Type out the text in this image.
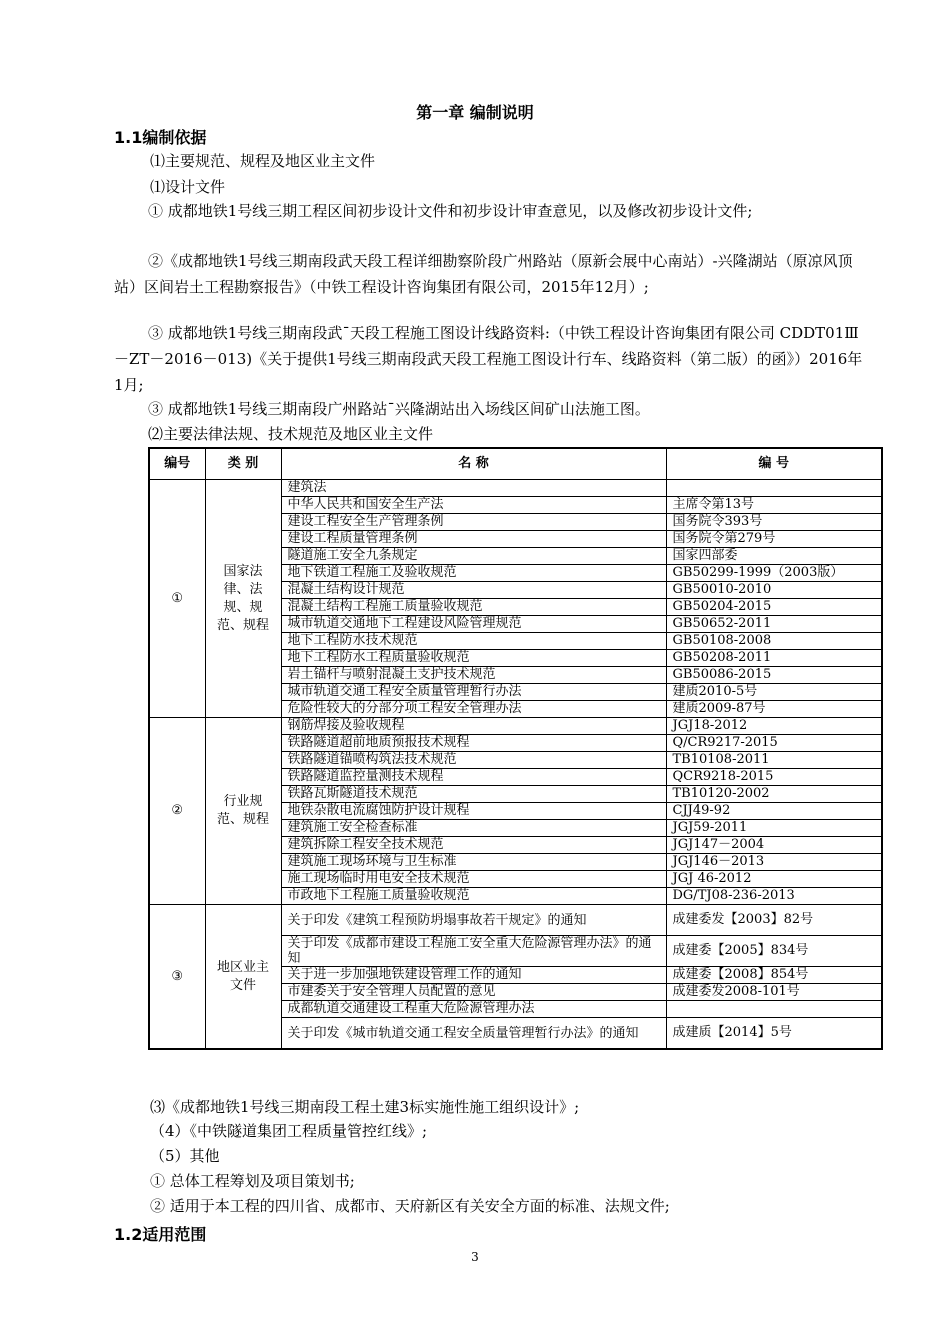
第一章 编制说明
1.1编制依据
⑴主要规范、规程及地区业主文件
⑴设计文件

① 成都地铁1号线三期工程区间初步设计文件和初步设计审查意见，以及修改初步设计文件;

②《成都地铁1号线三期南段武天段工程详细勘察阶段广州路站（原新会展中心南站）-兴隆湖站（原凉风顶站）区间岩土工程勘察报告》（中铁工程设计咨询集团有限公司，2015年12月）;

③ 成都地铁1号线三期南段武¯天段工程施工图设计线路资料:（中铁工程设计咨询集团有限公司 CDDT01Ⅲ－ZT－2016－013)《关于提供1号线三期南段武天段工程施工图设计行车、线路资料（第二版）的函》）2016年1月;

③ 成都地铁1号线三期南段广州路站¯兴隆湖站出入场线区间矿山法施工图。
⑵主要法律法规、技术规范及地区业主文件
编号	类 别	名 称	编 号
①	国家法律、法规、规范、规程	建筑法	
		中华人民共和国安全生产法	主席令第13号
		建设工程安全生产管理条例	国务院令393号
		建设工程质量管理条例	国务院令第279号
		隧道施工安全九条规定	国家四部委
		地下铁道工程施工及验收规范	GB50299-1999（2003版）
		混凝土结构设计规范	GB50010-2010
		混凝土结构工程施工质量验收规范	GB50204-2015
		城市轨道交通地下工程建设风险管理规范	GB50652-2011
		地下工程防水技术规范	GB50108-2008
		地下工程防水工程质量验收规范	GB50208-2011
		岩土锚杆与喷射混凝土支护技术规范	GB50086-2015
		城市轨道交通工程安全质量管理暂行办法	建质2010-5号
		危险性较大的分部分项工程安全管理办法	建质2009-87号
②	行业规范、规程	钢筋焊接及验收规程	JGJ18-2012
		铁路隧道超前地质预报技术规程	Q/CR9217-2015
		铁路隧道锚喷构筑法技术规范	TB10108-2011
		铁路隧道监控量测技术规程	QCR9218-2015
		铁路瓦斯隧道技术规范	TB10120-2002
		地铁杂散电流腐蚀防护设计规程	CJJ49-92
		建筑施工安全检查标准	JGJ59-2011
		建筑拆除工程安全技术规范	JGJ147－2004
		建筑施工现场环境与卫生标准	JGJ146－2013
		施工现场临时用电安全技术规范	JGJ 46-2012
		市政地下工程施工质量验收规范	DG/TJ08-236-2013
③	地区业主文件	关于印发《建筑工程预防坍塌事故若干规定》的通知	成建委发【2003】82号
		关于印发《成都市建设工程施工安全重大危险源管理办法》的通知	成建委【2005】834号
		关于进一步加强地铁建设管理工作的通知	成建委【2008】854号
		市建委关于安全管理人员配置的意见	成建委发2008-101号
		成都轨道交通建设工程重大危险源管理办法	
		关于印发《城市轨道交通工程安全质量管理暂行办法》的通知	成建质【2014】5号
⑶《成都地铁1号线三期南段工程土建3标实施性施工组织设计》;
（4）《中铁隧道集团工程质量管控红线》;
（5）其他
① 总体工程筹划及项目策划书;
② 适用于本工程的四川省、成都市、天府新区有关安全方面的标准、法规文件;
1.2适用范围
3
